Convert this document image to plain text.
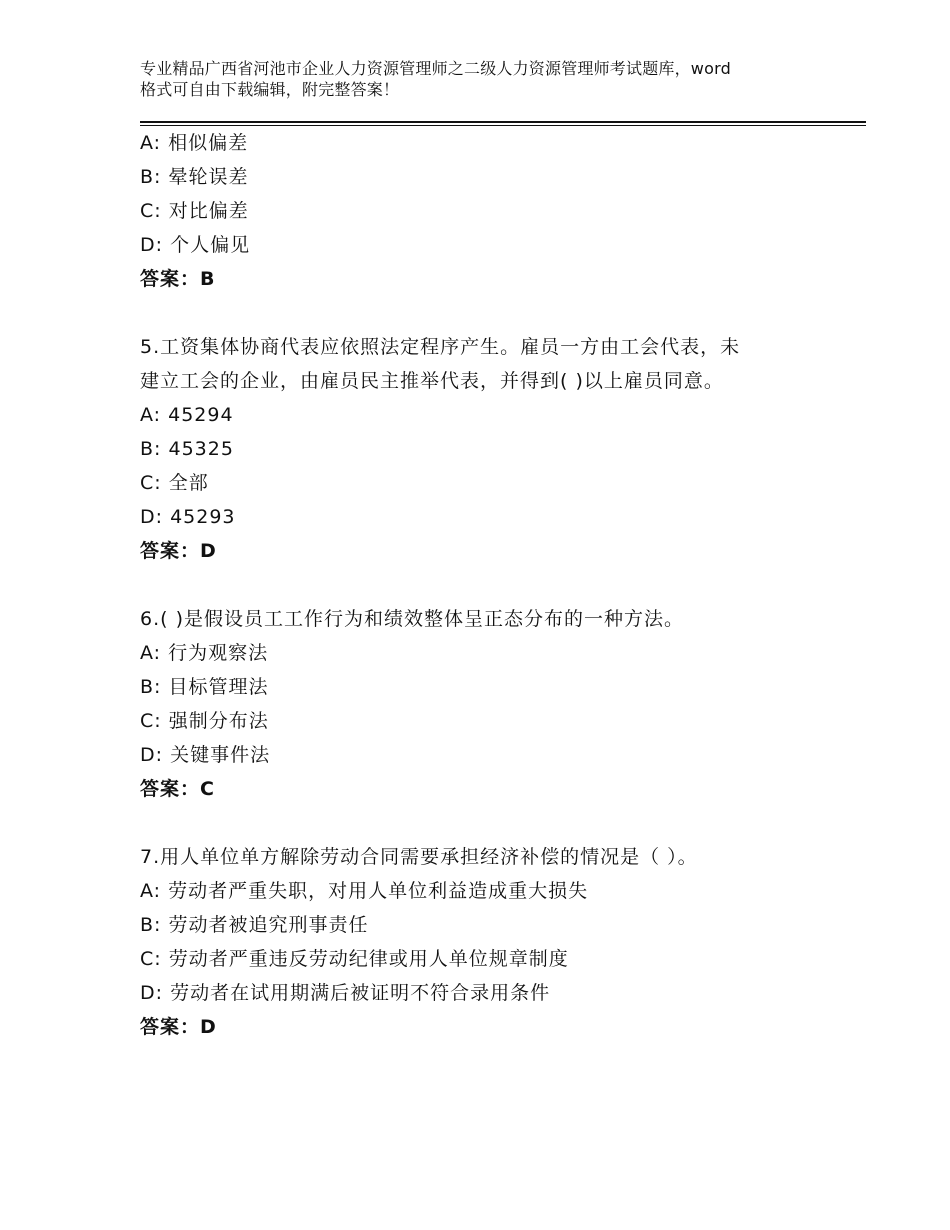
专业精品广西省河池市企业人力资源管理师之二级人力资源管理师考试题库，word
格式可自由下载编辑，附完整答案！
A: 相似偏差
B: 晕轮误差
C: 对比偏差
D: 个人偏见
答案：B
5.工资集体协商代表应依照法定程序产生。雇员一方由工会代表，未
建立工会的企业，由雇员民主推举代表，并得到( )以上雇员同意。
A: 45294
B: 45325
C: 全部
D: 45293
答案：D
6.( )是假设员工工作行为和绩效整体呈正态分布的一种方法。
A: 行为观察法
B: 目标管理法
C: 强制分布法
D: 关键事件法
答案：C
7.用人单位单方解除劳动合同需要承担经济补偿的情况是（ ）。
A: 劳动者严重失职，对用人单位利益造成重大损失
B: 劳动者被追究刑事责任
C: 劳动者严重违反劳动纪律或用人单位规章制度
D: 劳动者在试用期满后被证明不符合录用条件
答案：D
